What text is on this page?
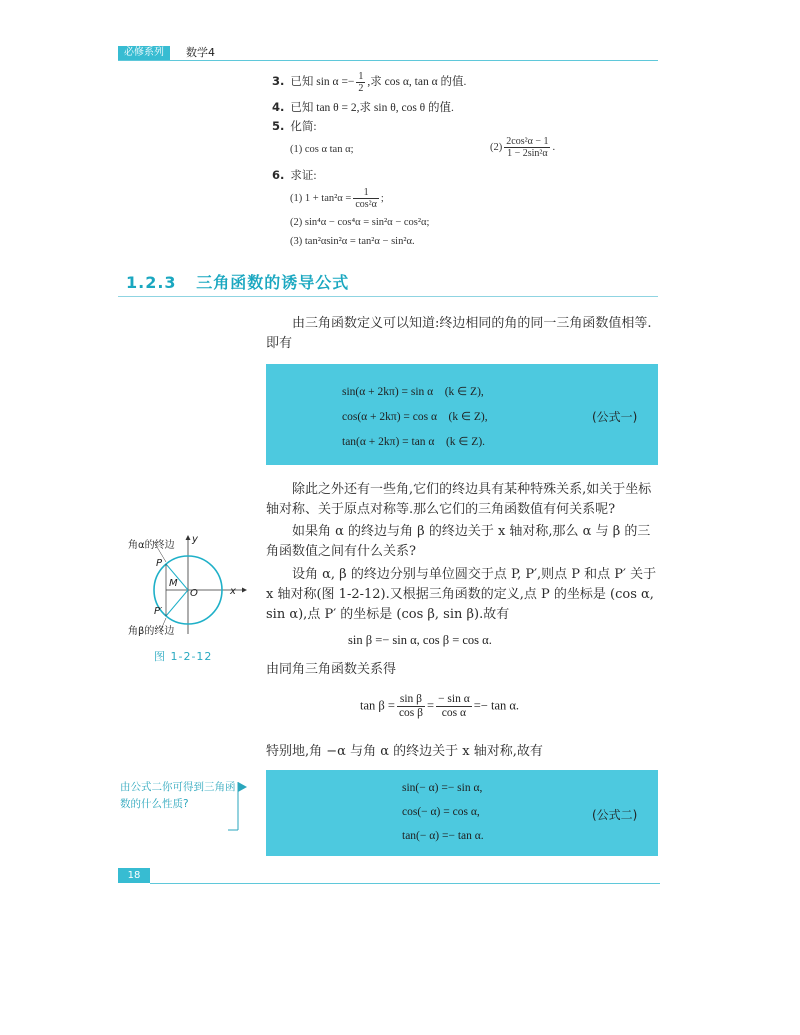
必修系列	数学4
3. 已知 $\sin \alpha =- \frac{1}{2}$ ,求 cos α, tan α 的值.
4. 已知 tan θ = 2,求 sin θ, cos θ 的值.
5. 化简:
(1) cos α tan α;	$(2) \frac{\text{2cos²α − 1}}{\text{1 − 2sin²α}}$ .
6. 求证:
(1) $1 + \tan^2\alpha = \frac{1}{\text{cos²α}}$ ;
(2) sin⁴α − cos⁴α = sin²α − cos²α;
(3) tan²αsin²α = tan²α − sin²α.
1.2.3 三角函数的诱导公式
由三角函数定义可以知道:终边相同的角的同一三角函数值相等.即有
sin(α + 2kπ) = sin α　(k ∈ Z),
cos(α + 2kπ) = cos α　(k ∈ Z),
tan(α + 2kπ) = tan α　(k ∈ Z).
(公式一)
除此之外还有一些角,它们的终边具有某种特殊关系,如关于坐标轴对称、关于原点对称等.那么它们的三角函数值有何关系呢?
如果角 α 的终边与角 β 的终边关于 x 轴对称,那么 α 与 β 的三角函数值之间有什么关系?
设角 α, β 的终边分别与单位圆交于点 P, P′,则点 P 和点 P′ 关于 x 轴对称(图 1-2-12).又根据三角函数的定义,点 P 的坐标是 (cos α, sin α),点 P′ 的坐标是 (cos β, sin β).故有
sin β =− sin α, cos β = cos α.
由同角三角函数关系得
$\tan \beta = \frac{\text{sin β}}{\text{cos β}} = \frac{\text{− sin α}}{\text{cos α}} =- \tan \alpha$.
特别地,角 −α 与角 α 的终边关于 x 轴对称,故有
sin(− α) =− sin α,
cos(− α) = cos α,
tan(− α) =− tan α.
(公式二)
角α的终边
y
P
M
O	x
P′
角β的终边
图 1-2-12
由公式二你可得到三角函数的什么性质?
18
